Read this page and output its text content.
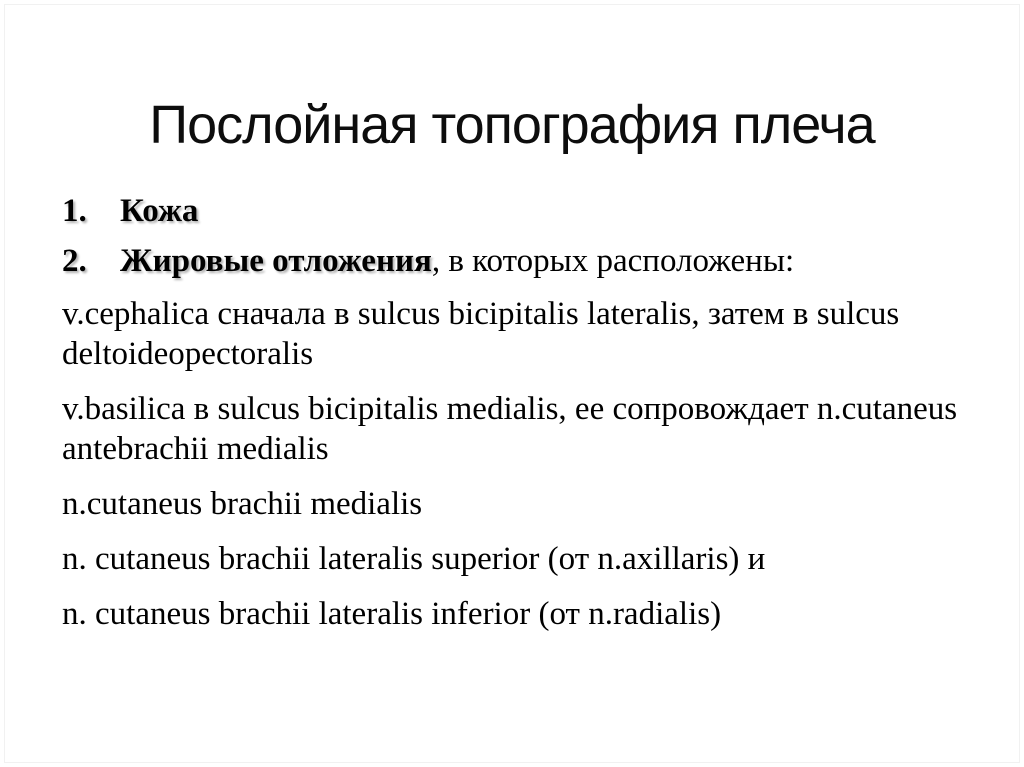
Послойная топография плеча
1.	Кожа
2.	Жировые отложения, в которых расположены:

v.cephalica сначала в sulcus bicipitalis lateralis, затем в sulcus deltoideopectoralis

v.basilica в sulcus bicipitalis medialis, ее сопровождает n.cutaneus antebrachii medialis

n.cutaneus brachii medialis

n. cutaneus brachii lateralis superior (от n.axillaris) и

n. cutaneus brachii lateralis inferior (от n.radialis)
